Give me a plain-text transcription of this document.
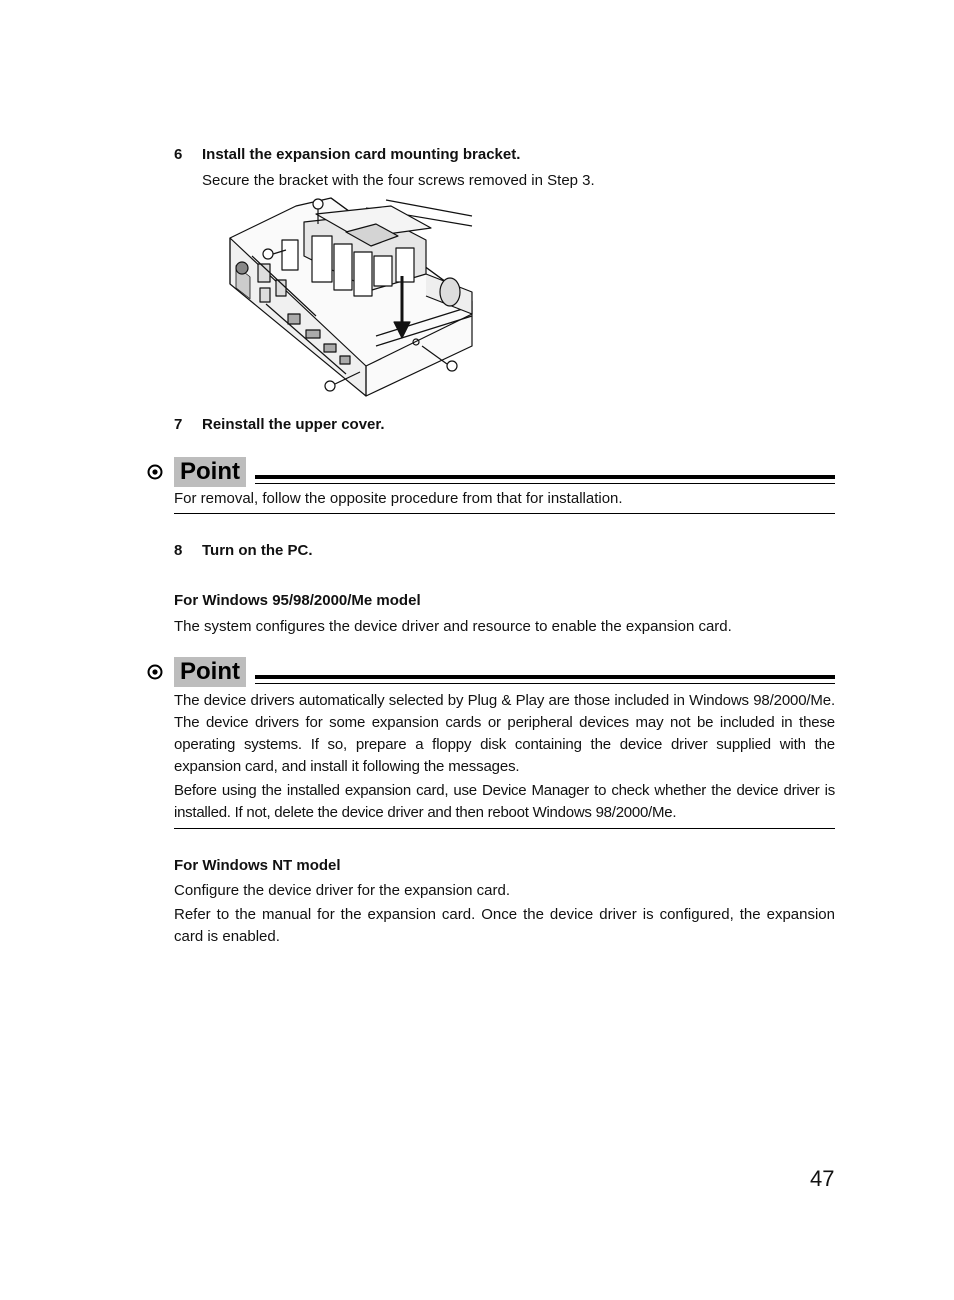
6 Install the expansion card mounting bracket.
Secure the bracket with the four screws removed in Step 3.
7 Reinstall the upper cover.
Point
For removal, follow the opposite procedure from that for installation.
8 Turn on the PC.
For Windows 95/98/2000/Me model
The system configures the device driver and resource to enable the expansion card.
Point
The device drivers automatically selected by Plug & Play are those included in Windows 98/2000/Me. The device drivers for some expansion cards or peripheral devices may not be included in these operating systems. If so, prepare a floppy disk containing the device driver supplied with the expansion card, and install it following the messages.
Before using the installed expansion card, use Device Manager to check whether the device driver is installed. If not, delete the device driver and then reboot Windows 98/2000/Me.
For Windows NT model
Configure the device driver for the expansion card.
Refer to the manual for the expansion card. Once the device driver is configured, the expansion card is enabled.
47
